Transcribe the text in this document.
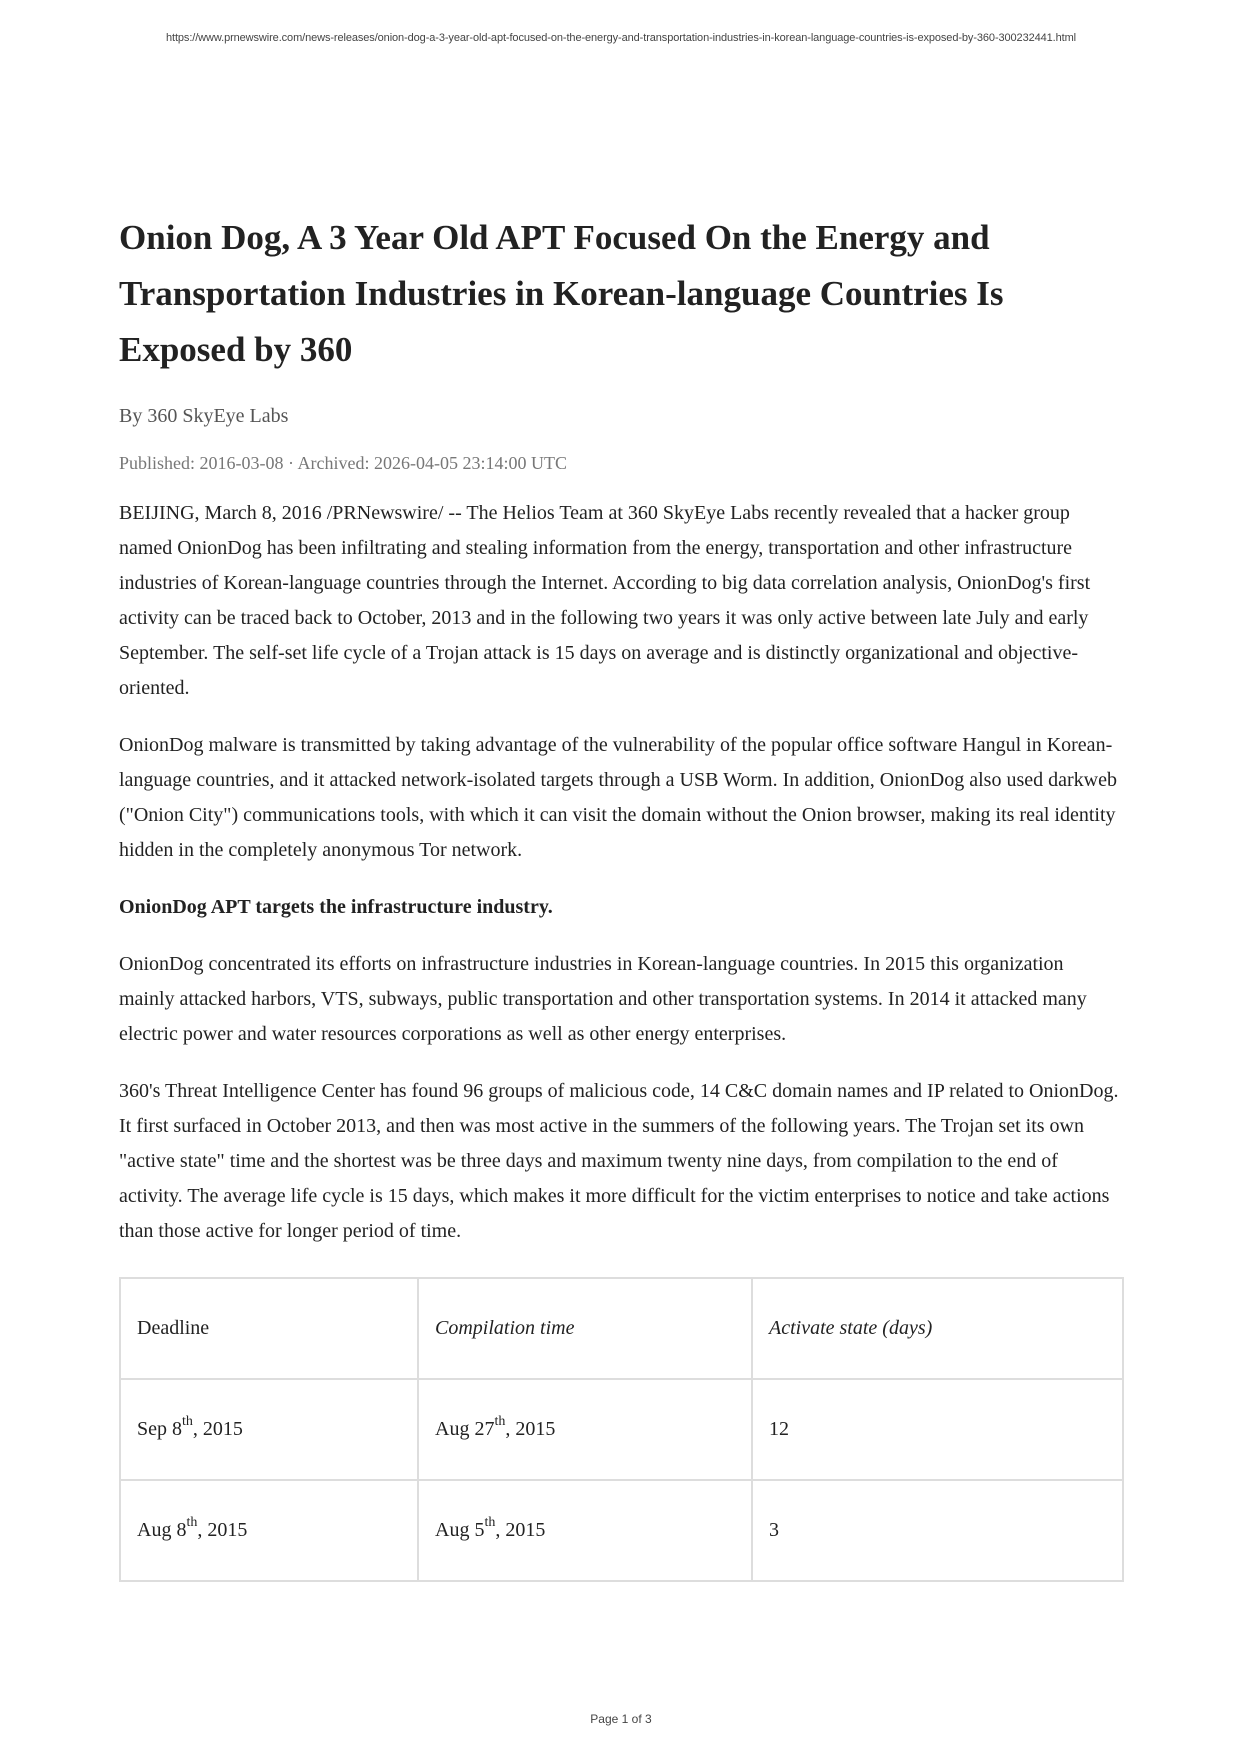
https://www.prnewswire.com/news-releases/onion-dog-a-3-year-old-apt-focused-on-the-energy-and-transportation-industries-in-korean-language-countries-is-exposed-by-360-300232441.html
Onion Dog, A 3 Year Old APT Focused On the Energy and Transportation Industries in Korean-language Countries Is Exposed by 360
By 360 SkyEye Labs
Published: 2016-03-08 · Archived: 2026-04-05 23:14:00 UTC

BEIJING, March 8, 2016 /PRNewswire/ -- The Helios Team at 360 SkyEye Labs recently revealed that a hacker group named OnionDog has been infiltrating and stealing information from the energy, transportation and other infrastructure industries of Korean-language countries through the Internet. According to big data correlation analysis, OnionDog's first activity can be traced back to October, 2013 and in the following two years it was only active between late July and early September. The self-set life cycle of a Trojan attack is 15 days on average and is distinctly organizational and objective-oriented.

OnionDog malware is transmitted by taking advantage of the vulnerability of the popular office software Hangul in Korean-language countries, and it attacked network-isolated targets through a USB Worm. In addition, OnionDog also used darkweb ("Onion City") communications tools, with which it can visit the domain without the Onion browser, making its real identity hidden in the completely anonymous Tor network.

OnionDog APT targets the infrastructure industry.

OnionDog concentrated its efforts on infrastructure industries in Korean-language countries. In 2015 this organization mainly attacked harbors, VTS, subways, public transportation and other transportation systems. In 2014 it attacked many electric power and water resources corporations as well as other energy enterprises.

360's Threat Intelligence Center has found 96 groups of malicious code, 14 C&C domain names and IP related to OnionDog. It first surfaced in October 2013, and then was most active in the summers of the following years. The Trojan set its own "active state" time and the shortest was be three days and maximum twenty nine days, from compilation to the end of activity. The average life cycle is 15 days, which makes it more difficult for the victim enterprises to notice and take actions than those active for longer period of time.

Deadline	Compilation time	Activate state (days)
Sep 8th, 2015	Aug 27th, 2015	12
Aug 8th, 2015	Aug 5th, 2015	3
Page 1 of 3
